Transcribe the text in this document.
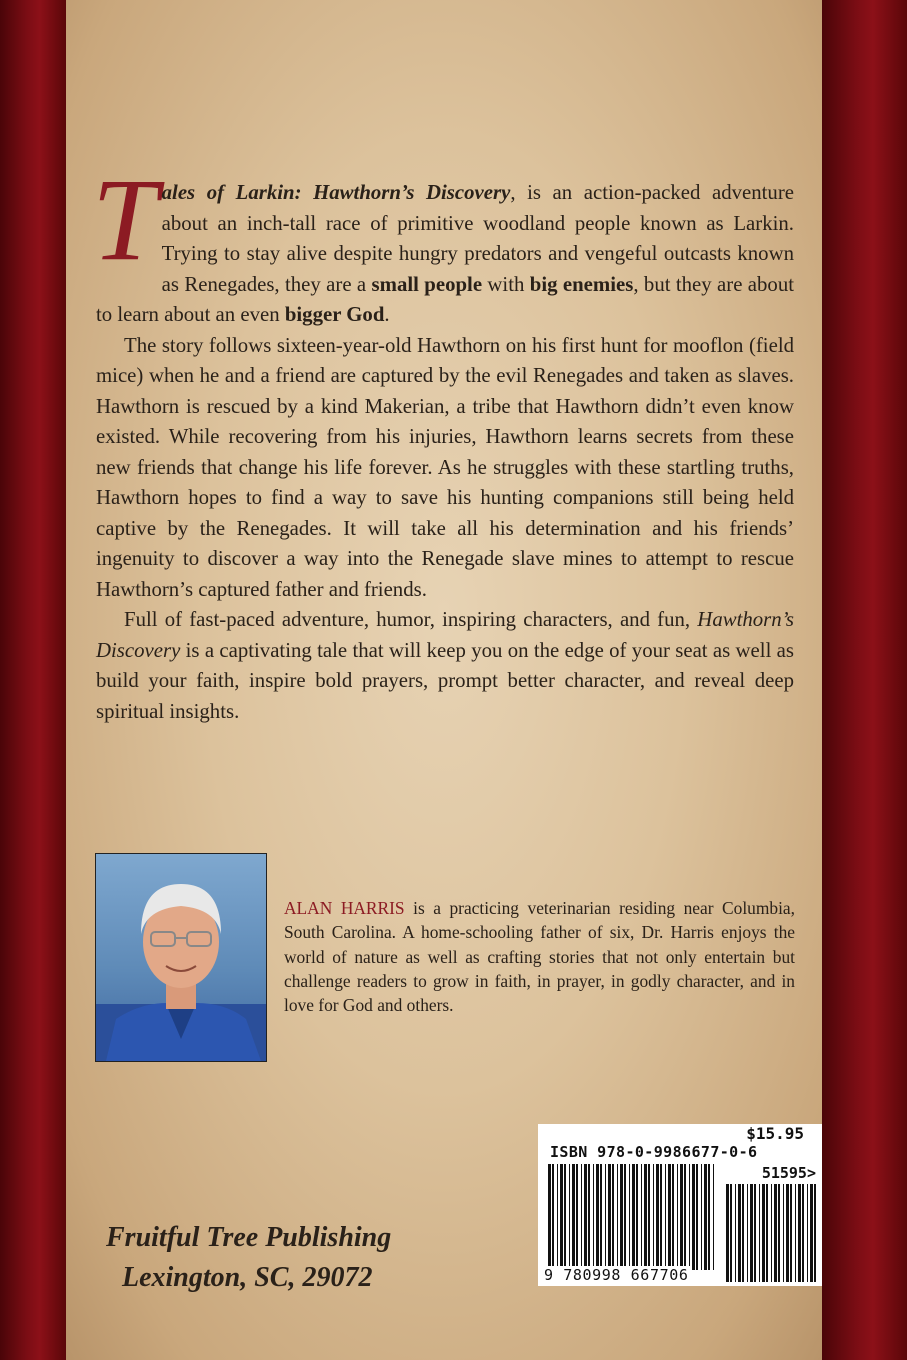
Tales of Larkin: Hawthorn’s Discovery, is an action-packed adventure about an inch-tall race of primitive woodland people known as Larkin. Trying to stay alive despite hungry predators and vengeful outcasts known as Renegades, they are a small people with big enemies, but they are about to learn about an even bigger God.

The story follows sixteen-year-old Hawthorn on his first hunt for mooflon (field mice) when he and a friend are captured by the evil Renegades and taken as slaves. Hawthorn is rescued by a kind Makerian, a tribe that Hawthorn didn’t even know existed. While recovering from his injuries, Hawthorn learns secrets from these new friends that change his life forever. As he struggles with these startling truths, Hawthorn hopes to find a way to save his hunting companions still being held captive by the Renegades. It will take all his determination and his friends’ ingenuity to discover a way into the Renegade slave mines to attempt to rescue Hawthorn’s captured father and friends.

Full of fast-paced adventure, humor, inspiring characters, and fun, Hawthorn’s Discovery is a captivating tale that will keep you on the edge of your seat as well as build your faith, inspire bold prayers, prompt better character, and reveal deep spiritual insights.

ALAN HARRIS is a practicing veterinarian residing near Columbia, South Carolina. A home-schooling father of six, Dr. Harris enjoys the world of nature as well as crafting stories that not only entertain but challenge readers to grow in faith, in prayer, in godly character, and in love for God and others.
$15.95
ISBN 978-0-9986677-0-6
51595>
9 780998 667706
Fruitful Tree Publishing
Lexington, SC, 29072
